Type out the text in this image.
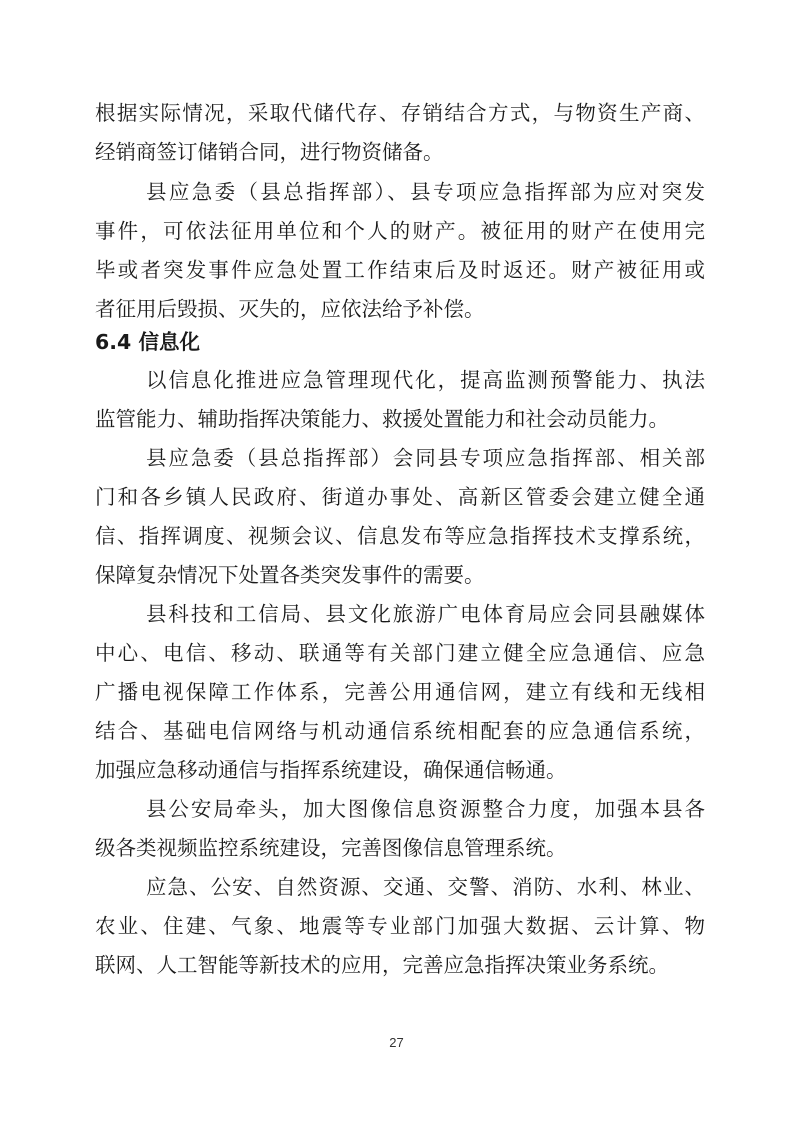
根据实际情况，采取代储代存、存销结合方式，与物资生产商、
经销商签订储销合同，进行物资储备。
县应急委（县总指挥部）、县专项应急指挥部为应对突发
事件，可依法征用单位和个人的财产。被征用的财产在使用完
毕或者突发事件应急处置工作结束后及时返还。财产被征用或
者征用后毁损、灭失的，应依法给予补偿。
6.4 信息化
以信息化推进应急管理现代化，提高监测预警能力、执法
监管能力、辅助指挥决策能力、救援处置能力和社会动员能力。
县应急委（县总指挥部）会同县专项应急指挥部、相关部
门和各乡镇人民政府、街道办事处、高新区管委会建立健全通
信、指挥调度、视频会议、信息发布等应急指挥技术支撑系统，
保障复杂情况下处置各类突发事件的需要。
县科技和工信局、县文化旅游广电体育局应会同县融媒体
中心、电信、移动、联通等有关部门建立健全应急通信、应急
广播电视保障工作体系，完善公用通信网，建立有线和无线相
结合、基础电信网络与机动通信系统相配套的应急通信系统，
加强应急移动通信与指挥系统建设，确保通信畅通。
县公安局牵头，加大图像信息资源整合力度，加强本县各
级各类视频监控系统建设，完善图像信息管理系统。
应急、公安、自然资源、交通、交警、消防、水利、林业、
农业、住建、气象、地震等专业部门加强大数据、云计算、物
联网、人工智能等新技术的应用，完善应急指挥决策业务系统。
27
